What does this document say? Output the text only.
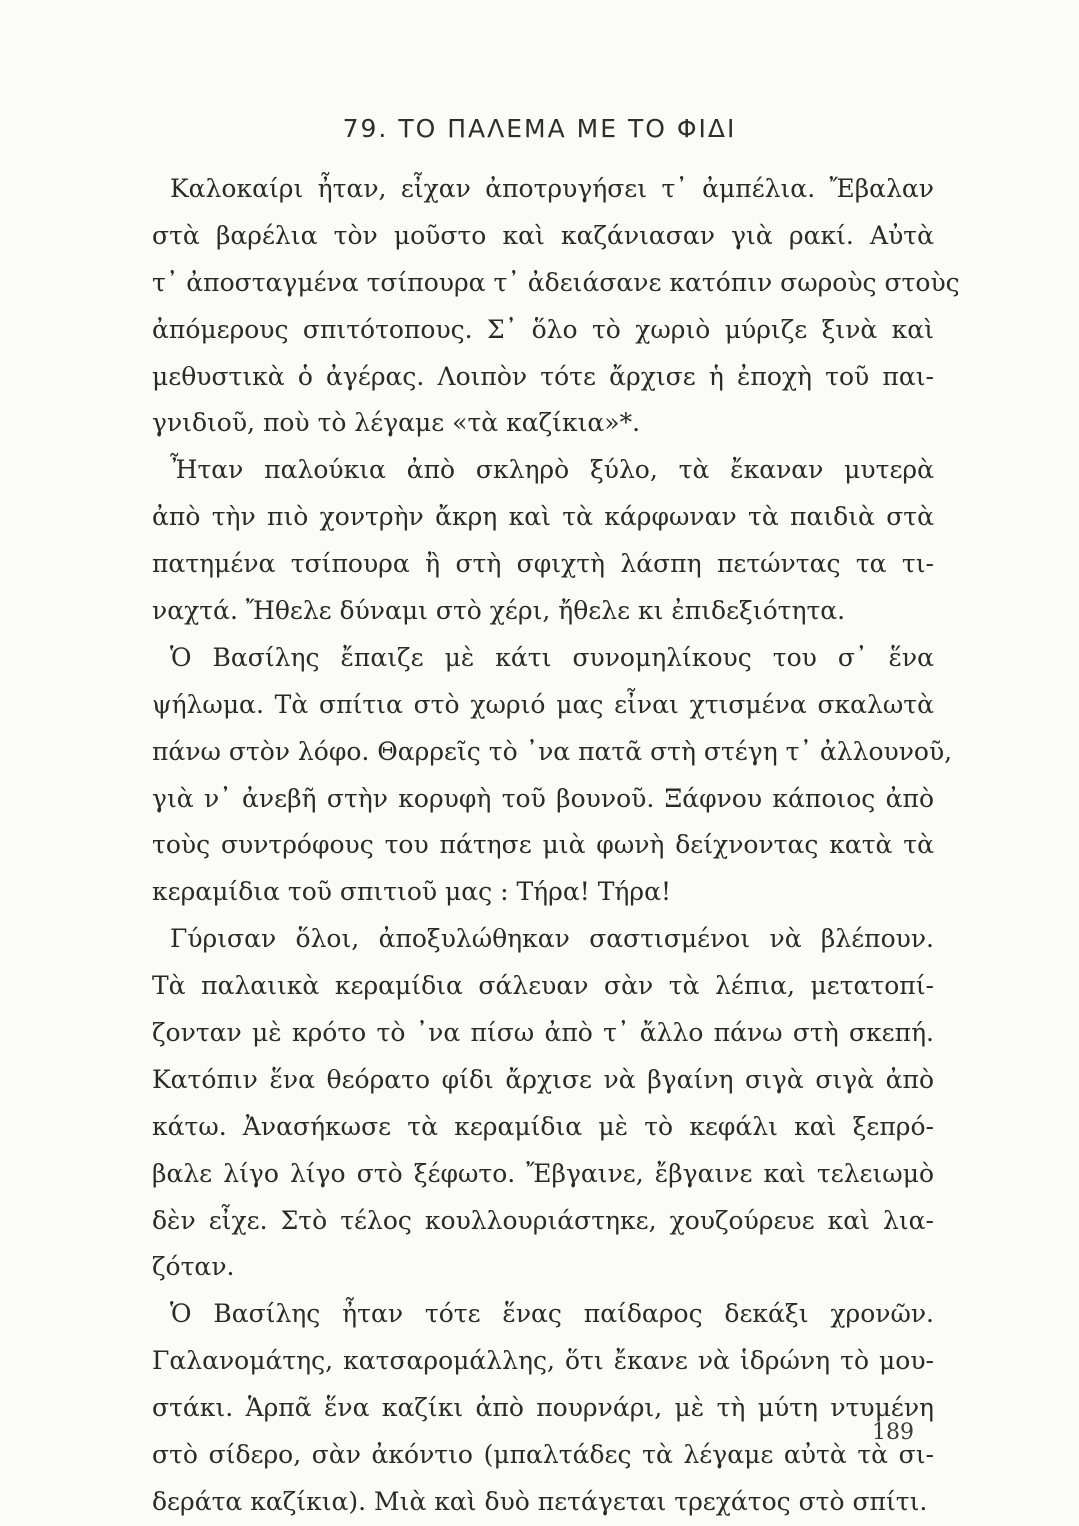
79. ΤΟ ΠΑΛΕΜΑ ΜΕ ΤΟ ΦΙΔΙ
Καλοκαίρι ἦταν, εἶχαν ἀποτρυγήσει τ᾽ ἀμπέλια. Ἔβαλαν
στὰ βαρέλια τὸν μοῦστο καὶ καζάνιασαν γιὰ ρακί. Αὐτὰ
τ᾽ ἀποσταγμένα τσίπουρα τ᾽ ἀδειάσανε κατόπιν σωροὺς στοὺς
ἀπόμερους σπιτότοπους. Σ᾽ ὅλο τὸ χωριὸ μύριζε ξινὰ καὶ
μεθυστικὰ ὁ ἀγέρας. Λοιπὸν τότε ἄρχισε ἡ ἐποχὴ τοῦ παι-
γνιδιοῦ, ποὺ τὸ λέγαμε «τὰ καζίκια»*.
Ἦταν παλούκια ἀπὸ σκληρὸ ξύλο, τὰ ἔκαναν μυτερὰ
ἀπὸ τὴν πιὸ χοντρὴν ἄκρη καὶ τὰ κάρφωναν τὰ παιδιὰ στὰ
πατημένα τσίπουρα ἢ στὴ σφιχτὴ λάσπη πετώντας τα τι-
ναχτά. Ἤθελε δύναμι στὸ χέρι, ἤθελε κι ἐπιδεξιότητα.
Ὁ Βασίλης ἔπαιζε μὲ κάτι συνομηλίκους του σ᾽ ἕνα
ψήλωμα. Τὰ σπίτια στὸ χωριό μας εἶναι χτισμένα σκαλωτὰ
πάνω στὸν λόφο. Θαρρεῖς τὸ ᾽να πατᾶ στὴ στέγη τ᾽ ἀλλουνοῦ,
γιὰ ν᾽ ἀνεβῆ στὴν κορυφὴ τοῦ βουνοῦ. Ξάφνου κάποιος ἀπὸ
τοὺς συντρόφους του πάτησε μιὰ φωνὴ δείχνοντας κατὰ τὰ
κεραμίδια τοῦ σπιτιοῦ μας : Τήρα! Τήρα!
Γύρισαν ὅλοι, ἀποξυλώθηκαν σαστισμένοι νὰ βλέπουν.
Τὰ παλαιικὰ κεραμίδια σάλευαν σὰν τὰ λέπια, μετατοπί-
ζονταν μὲ κρότο τὸ ᾽να πίσω ἀπὸ τ᾽ ἄλλο πάνω στὴ σκεπή.
Κατόπιν ἕνα θεόρατο φίδι ἄρχισε νὰ βγαίνη σιγὰ σιγὰ ἀπὸ
κάτω. Ἀνασήκωσε τὰ κεραμίδια μὲ τὸ κεφάλι καὶ ξεπρό-
βαλε λίγο λίγο στὸ ξέφωτο. Ἔβγαινε, ἔβγαινε καὶ τελειωμὸ
δὲν εἶχε. Στὸ τέλος κουλλουριάστηκε, χουζούρευε καὶ λια-
ζόταν.
Ὁ Βασίλης ἦταν τότε ἕνας παίδαρος δεκάξι χρονῶν.
Γαλανομάτης, κατσαρομάλλης, ὅτι ἔκανε νὰ ἱδρώνη τὸ μου-
στάκι. Ἁρπᾶ ἕνα καζίκι ἀπὸ πουρνάρι, μὲ τὴ μύτη ντυμένη
στὸ σίδερο, σὰν ἀκόντιο (μπαλτάδες τὰ λέγαμε αὐτὰ τὰ σι-
δεράτα καζίκια). Μιὰ καὶ δυὸ πετάγεται τρεχάτος στὸ σπίτι.
189
